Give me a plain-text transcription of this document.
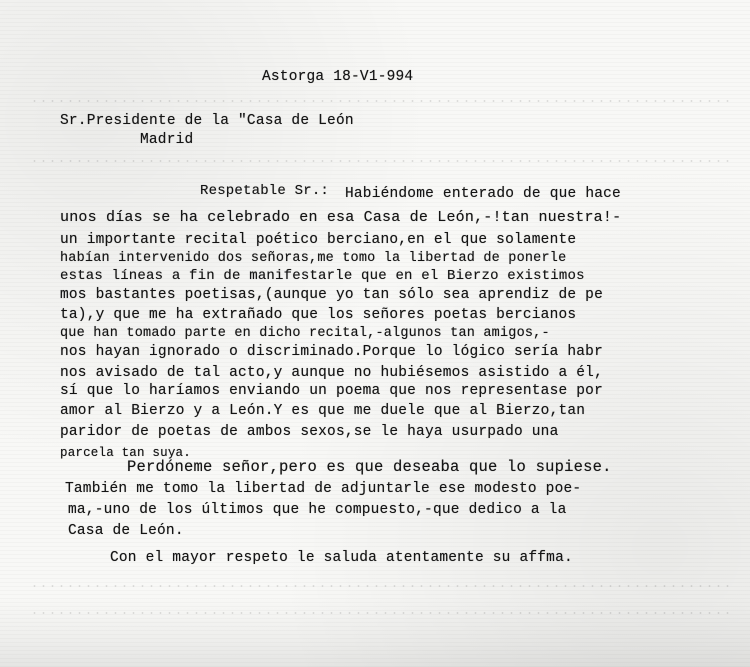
Astorga 18-V1-994
Sr.Presidente de la "Casa de León
Madrid
Respetable Sr.: Habiéndome enterado de que hace
unos días se ha celebrado en esa Casa de León,-!tan nuestra!-
un importante recital poético berciano,en el que solamente
habían intervenido dos señoras,me tomo la libertad de ponerle
estas líneas a fin de manifestarle que en el Bierzo existimos
mos bastantes poetisas,(aunque yo tan sólo sea aprendiz de pe
ta),y que me ha extrañado que los señores poetas bercianos
que han tomado parte en dicho recital,-algunos tan amigos,-
nos hayan ignorado o discriminado.Porque lo lógico sería habr
nos avisado de tal acto,y aunque no hubiésemos asistido a él,
sí que lo haríamos enviando un poema que nos representase por
amor al Bierzo y a León.Y es que me duele que al Bierzo,tan
paridor de poetas de ambos sexos,se le haya usurpado una
parcela tan suya.
Perdóneme señor,pero es que deseaba que lo supiese.
También me tomo la libertad de adjuntarle ese modesto poe-
ma,-uno de los últimos que he compuesto,-que dedico a la
Casa de León.
Con el mayor respeto le saluda atentamente su affma.
